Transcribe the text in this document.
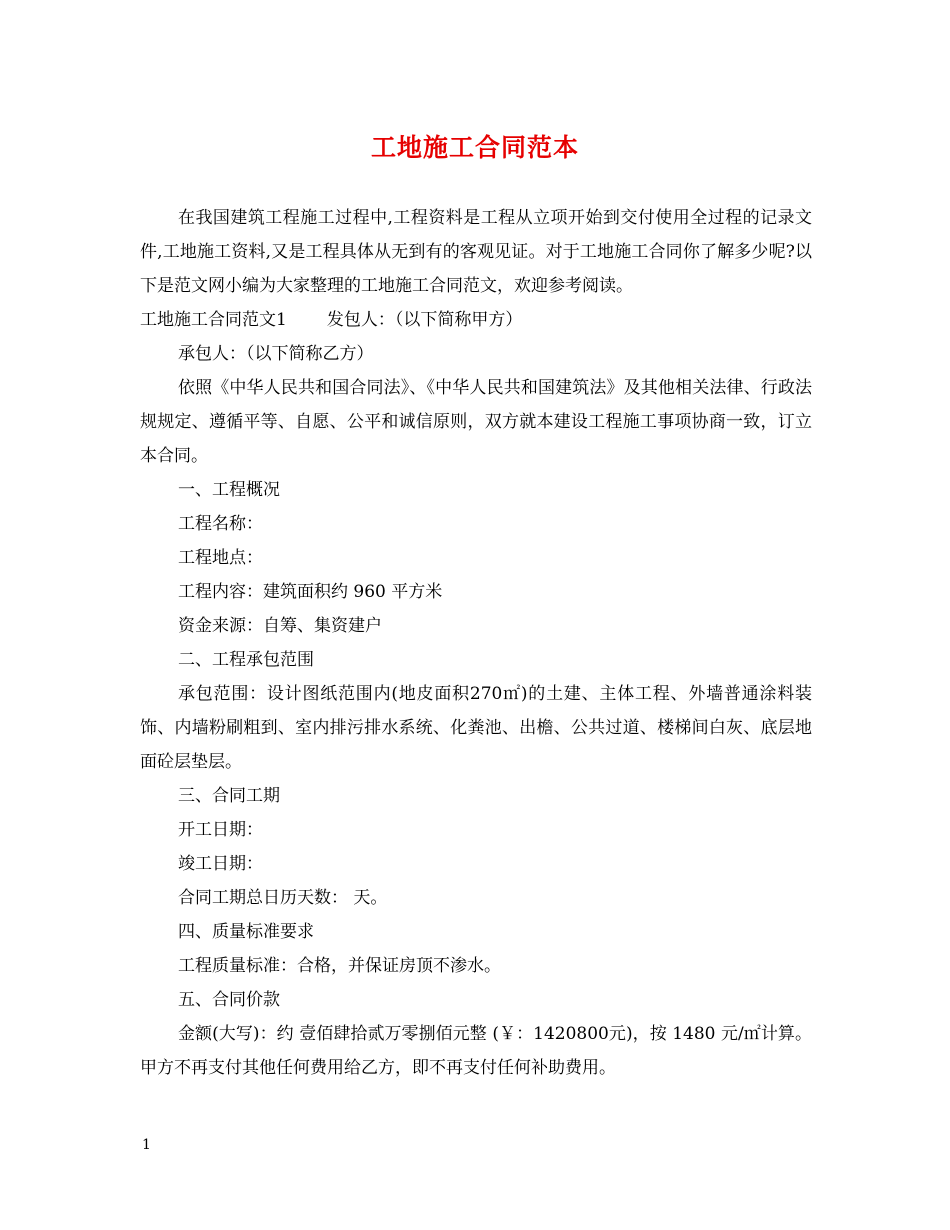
工地施工合同范本

在我国建筑工程施工过程中,工程资料是工程从立项开始到交付使用全过程的记录文件,工地施工资料,又是工程具体从无到有的客观见证。对于工地施工合同你了解多少呢?以下是范文网小编为大家整理的工地施工合同范文，欢迎参考阅读。

工地施工合同范文1 发包人：（以下简称甲方）

承包人：（以下简称乙方）

依照《中华人民共和国合同法》、《中华人民共和国建筑法》及其他相关法律、行政法规规定、遵循平等、自愿、公平和诚信原则，双方就本建设工程施工事项协商一致，订立本合同。

一、工程概况

工程名称：

工程地点：

工程内容：建筑面积约 960 平方米

资金来源：自筹、集资建户

二、工程承包范围

承包范围：设计图纸范围内(地皮面积270㎡)的土建、主体工程、外墙普通涂料装饰、内墙粉刷粗到、室内排污排水系统、化粪池、出檐、公共过道、楼梯间白灰、底层地面砼层垫层。

三、合同工期

开工日期：

竣工日期：

合同工期总日历天数： 天。

四、质量标准要求

工程质量标准：合格，并保证房顶不渗水。

五、合同价款

金额(大写)：约 壹佰肆拾贰万零捌佰元整 (￥：1420800元)，按 1480 元/㎡计算。甲方不再支付其他任何费用给乙方，即不再支付任何补助费用。

1
